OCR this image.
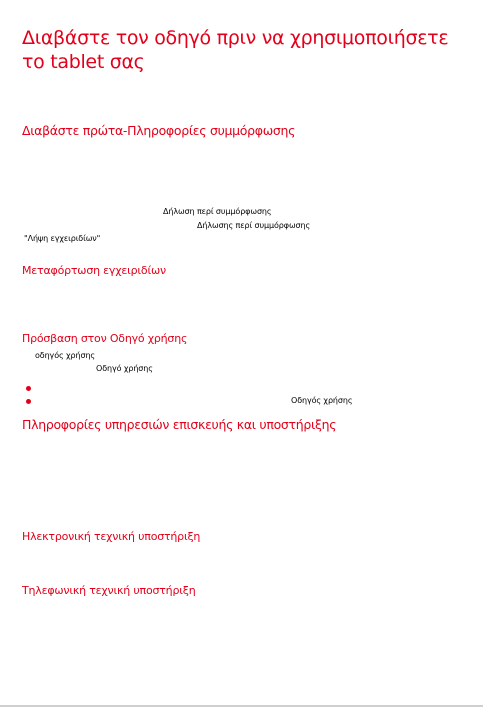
Διαβάστε τον οδηγό πριν να χρησιμοποιήσετε
το tablet σας
Διαβάστε πρώτα-Πληροφορίες συμμόρφωσης
Δήλωση περί συμμόρφωσης
Δήλωσης περί συμμόρφωσης
"Λήψη εγχειριδίων"
Μεταφόρτωση εγχειριδίων
Πρόσβαση στον Οδηγό χρήσης
οδηγός χρήσης
Οδηγό χρήσης
Οδηγός χρήσης
Πληροφορίες υπηρεσιών επισκευής και υποστήριξης
Ηλεκτρονική τεχνική υποστήριξη
Τηλεφωνική τεχνική υποστήριξη
